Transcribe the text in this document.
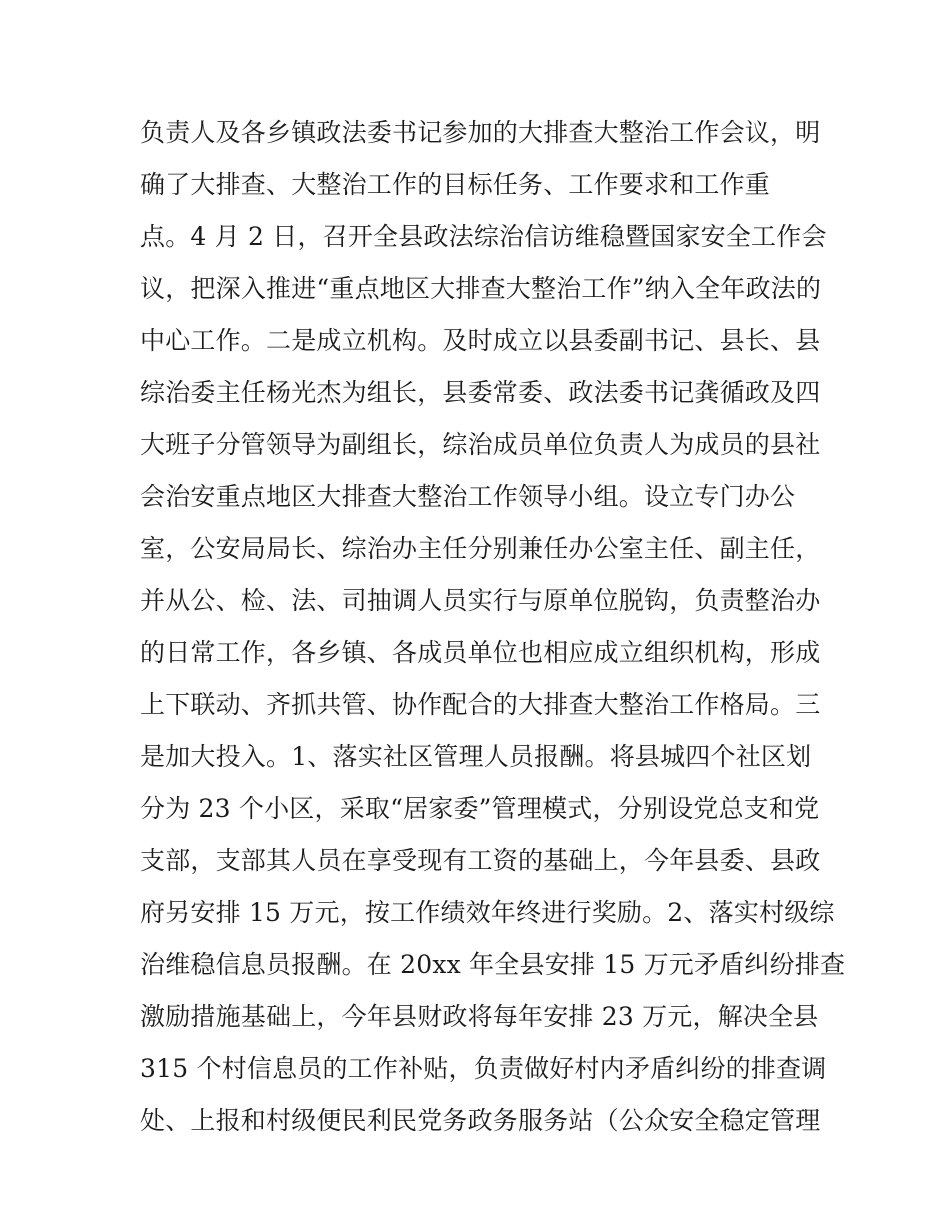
负责人及各乡镇政法委书记参加的大排查大整治工作会议，明
确了大排查、大整治工作的目标任务、工作要求和工作重
点。4 月 2 日，召开全县政法综治信访维稳暨国家安全工作会
议，把深入推进“重点地区大排查大整治工作”纳入全年政法的
中心工作。二是成立机构。及时成立以县委副书记、县长、县
综治委主任杨光杰为组长，县委常委、政法委书记龚循政及四
大班子分管领导为副组长，综治成员单位负责人为成员的县社
会治安重点地区大排查大整治工作领导小组。设立专门办公
室，公安局局长、综治办主任分别兼任办公室主任、副主任，
并从公、检、法、司抽调人员实行与原单位脱钩，负责整治办
的日常工作，各乡镇、各成员单位也相应成立组织机构，形成
上下联动、齐抓共管、协作配合的大排查大整治工作格局。三
是加大投入。1、落实社区管理人员报酬。将县城四个社区划
分为 23 个小区，采取“居家委”管理模式，分别设党总支和党
支部，支部其人员在享受现有工资的基础上，今年县委、县政
府另安排 15 万元，按工作绩效年终进行奖励。2、落实村级综
治维稳信息员报酬。在 20xx 年全县安排 15 万元矛盾纠纷排查
激励措施基础上，今年县财政将每年安排 23 万元，解决全县
315 个村信息员的工作补贴，负责做好村内矛盾纠纷的排查调
处、上报和村级便民利民党务政务服务站（公众安全稳定管理
